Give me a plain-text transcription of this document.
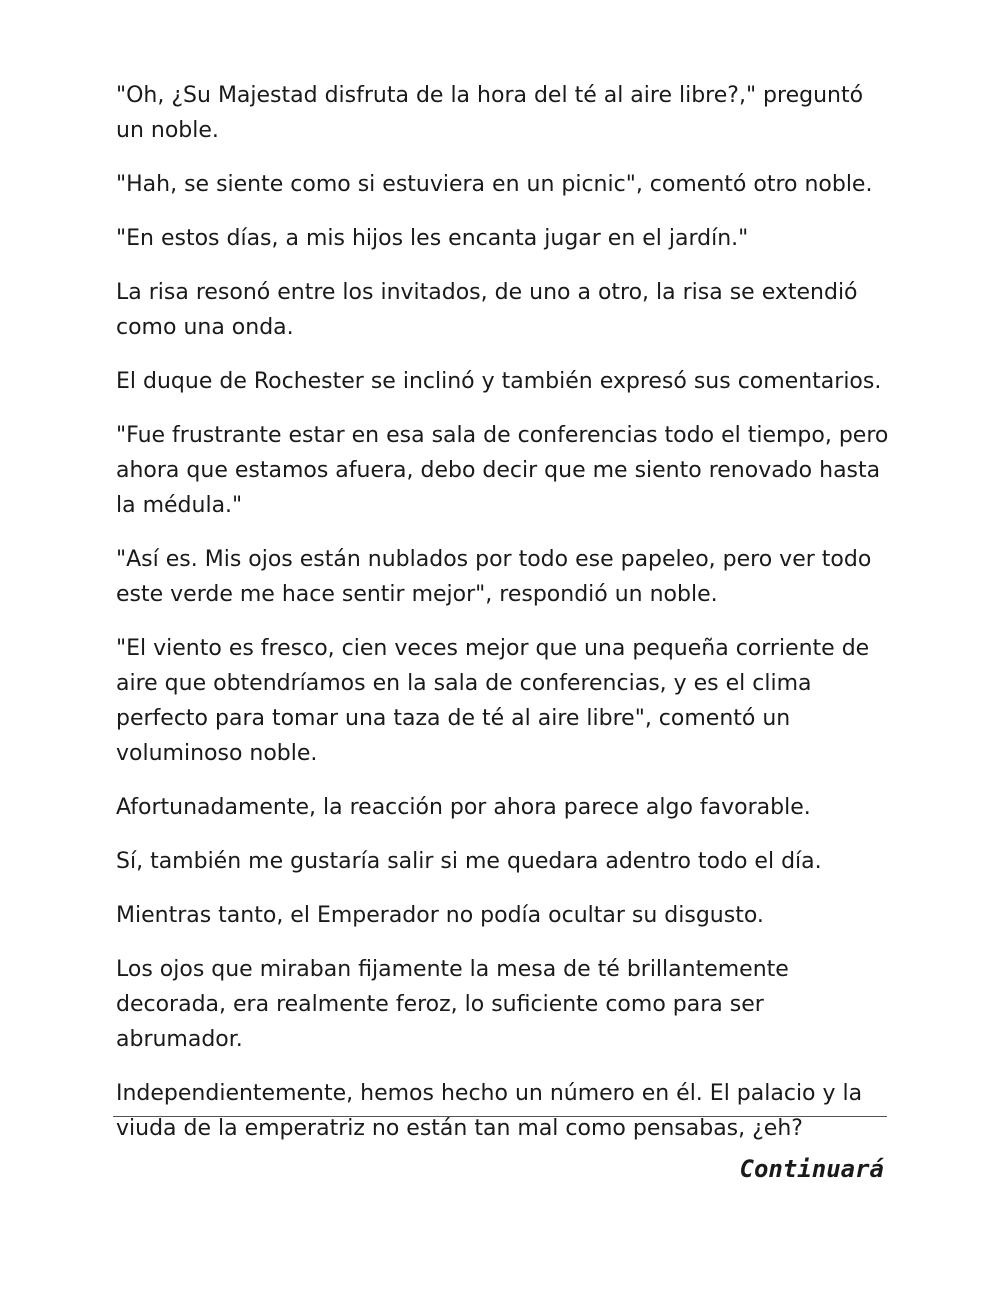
"Oh, ¿Su Majestad disfruta de la hora del té al aire libre?," preguntó un noble.

"Hah, se siente como si estuviera en un picnic", comentó otro noble.

"En estos días, a mis hijos les encanta jugar en el jardín."

La risa resonó entre los invitados, de uno a otro, la risa se extendió como una onda.

El duque de Rochester se inclinó y también expresó sus comentarios.

"Fue frustrante estar en esa sala de conferencias todo el tiempo, pero ahora que estamos afuera, debo decir que me siento renovado hasta la médula."

"Así es. Mis ojos están nublados por todo ese papeleo, pero ver todo este verde me hace sentir mejor", respondió un noble.

"El viento es fresco, cien veces mejor que una pequeña corriente de aire que obtendríamos en la sala de conferencias, y es el clima perfecto para tomar una taza de té al aire libre", comentó un voluminoso noble.

Afortunadamente, la reacción por ahora parece algo favorable.

Sí, también me gustaría salir si me quedara adentro todo el día.

Mientras tanto, el Emperador no podía ocultar su disgusto.

Los ojos que miraban fijamente la mesa de té brillantemente decorada, era realmente feroz, lo suficiente como para ser abrumador.

Independientemente, hemos hecho un número en él. El palacio y la viuda de la emperatriz no están tan mal como pensabas, ¿eh?

Continuará
